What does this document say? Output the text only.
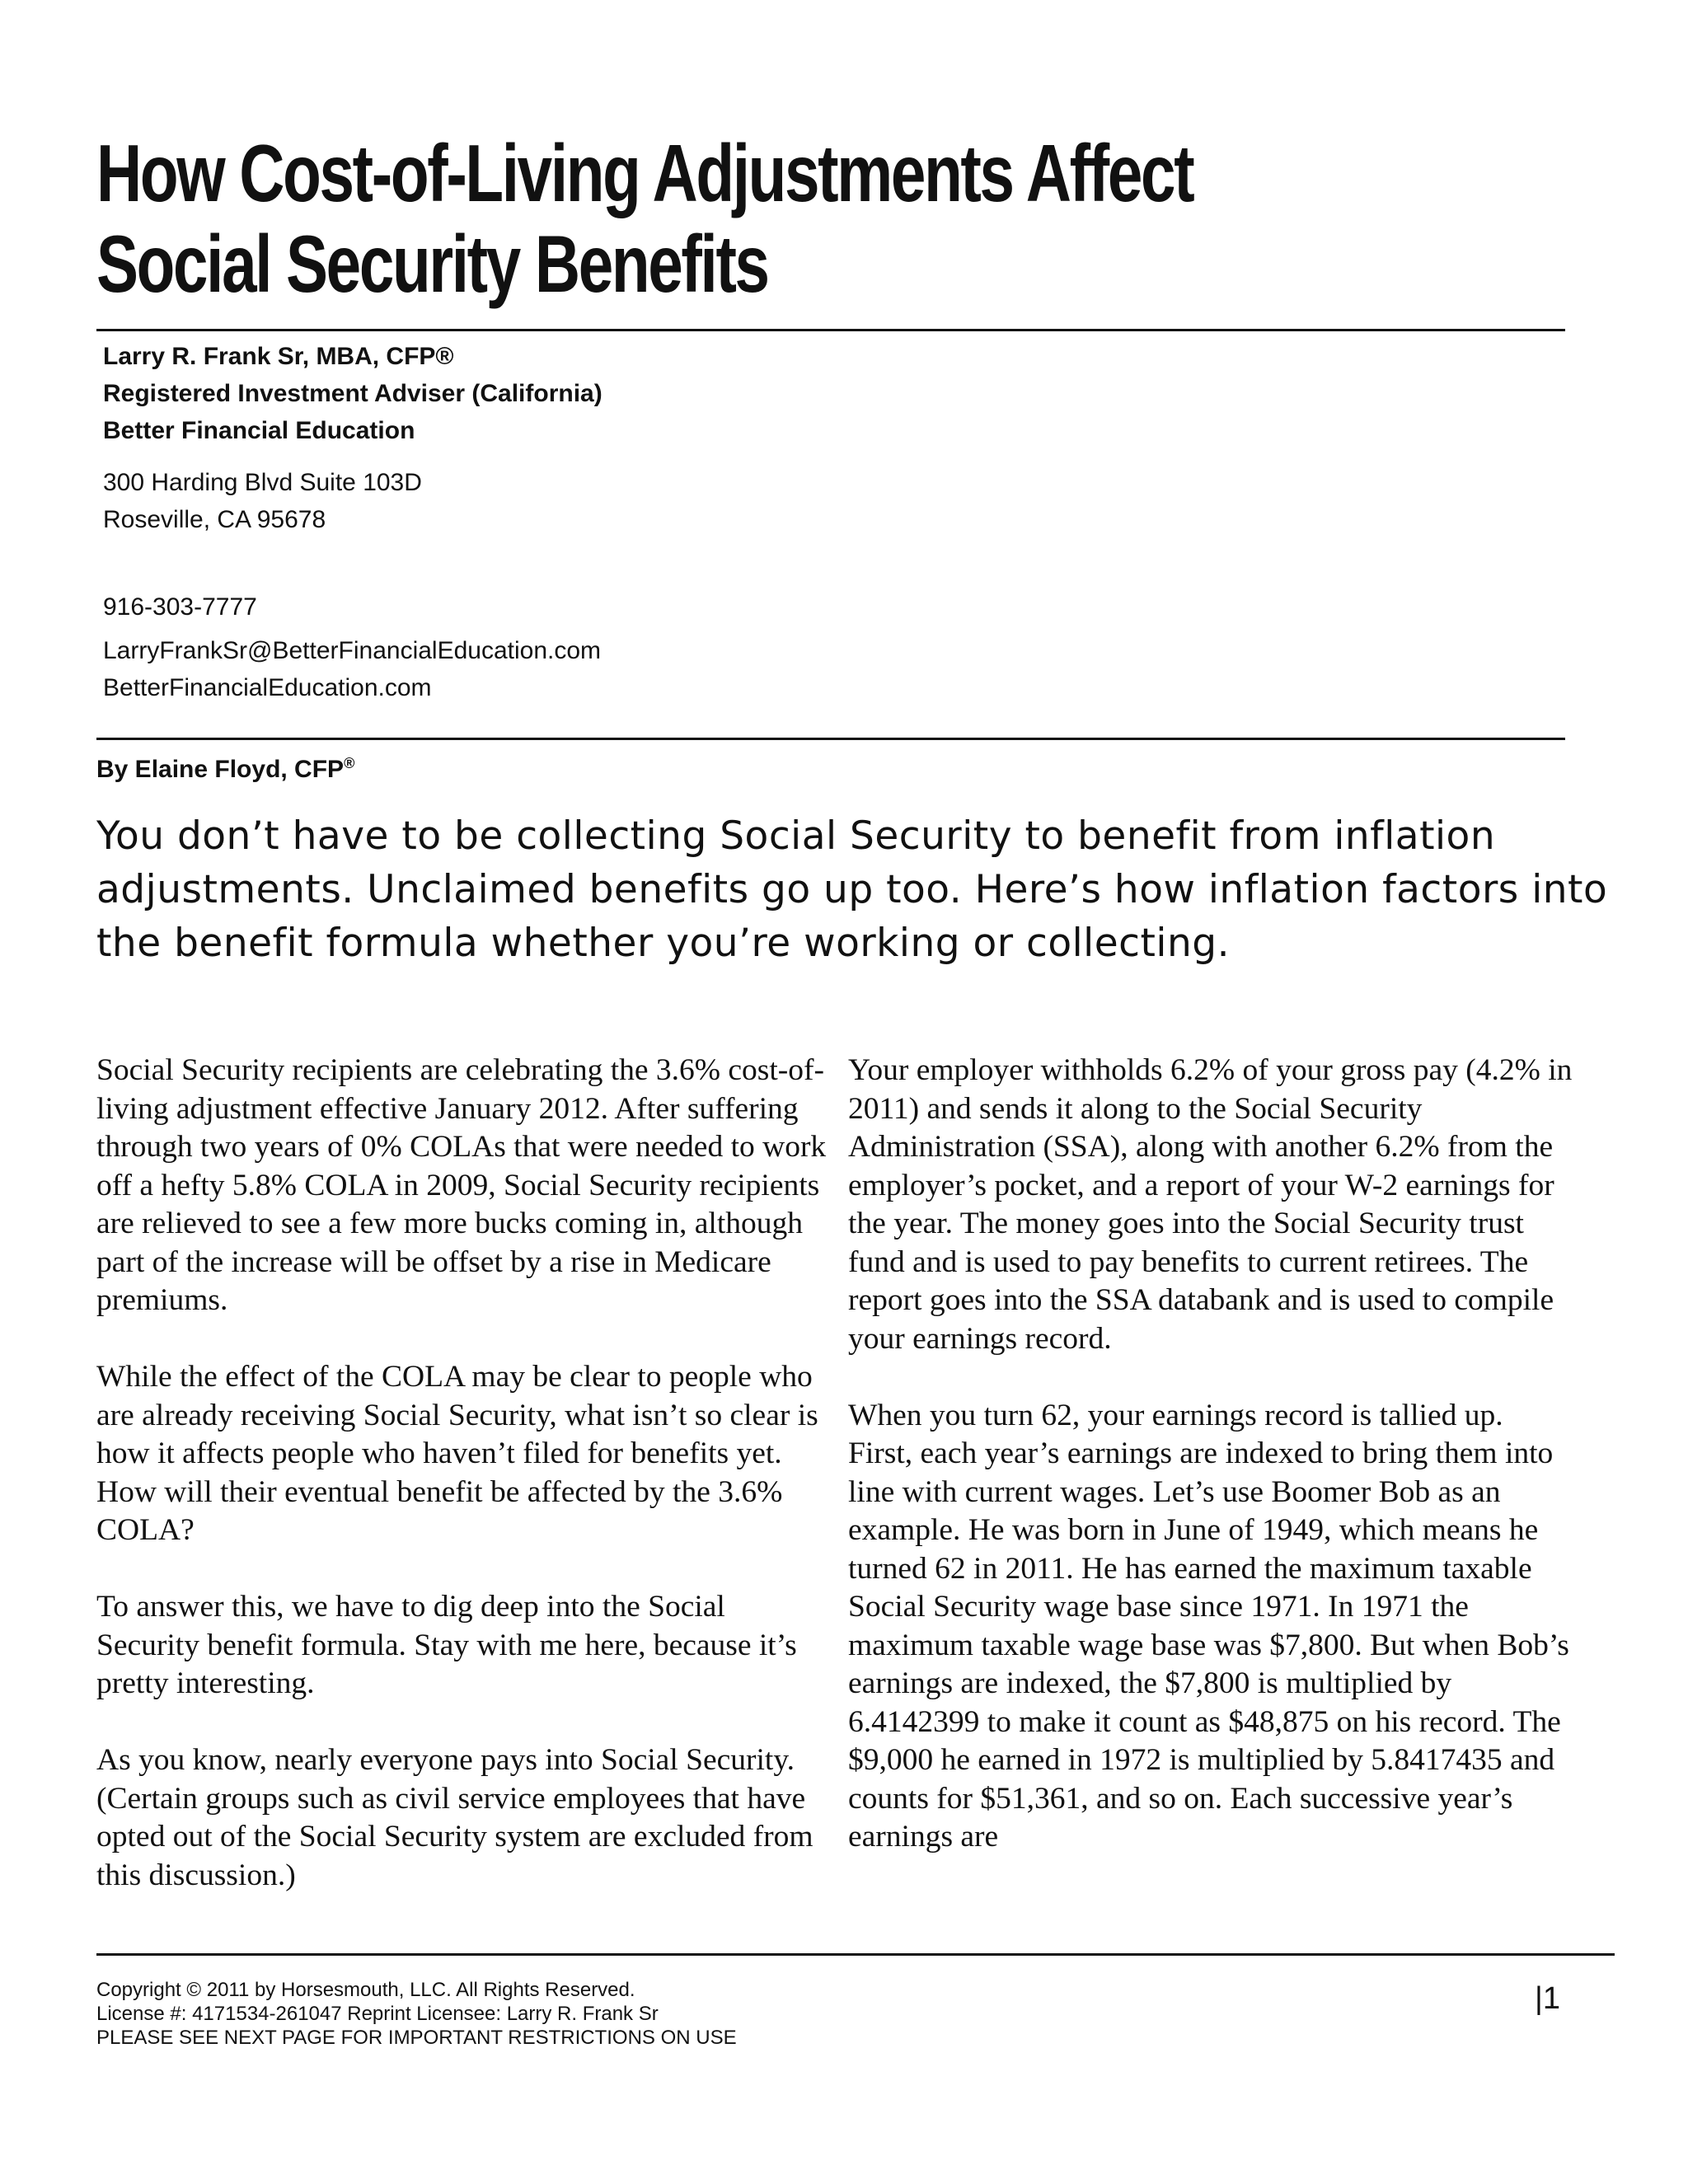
How Cost-of-Living Adjustments Affect Social Security Benefits
Larry R. Frank Sr, MBA, CFP®
Registered Investment Adviser (California)
Better Financial Education
300 Harding Blvd Suite 103D
Roseville, CA 95678
916-303-7777
LarryFrankSr@BetterFinancialEducation.com
BetterFinancialEducation.com
By Elaine Floyd, CFP®

You don’t have to be collecting Social Security to benefit from inflation adjustments. Unclaimed benefits go up too. Here’s how inflation factors into the benefit formula whether you’re working or collecting.

Social Security recipients are celebrating the 3.6% cost-of-living adjustment effective January 2012. After suffering through two years of 0% COLAs that were needed to work off a hefty 5.8% COLA in 2009, Social Security recipients are relieved to see a few more bucks coming in, although part of the increase will be offset by a rise in Medicare premiums.

While the effect of the COLA may be clear to people who are already receiving Social Security, what isn’t so clear is how it affects people who haven’t filed for benefits yet. How will their eventual benefit be affected by the 3.6% COLA?

To answer this, we have to dig deep into the Social Security benefit formula. Stay with me here, because it’s pretty interesting.

As you know, nearly everyone pays into Social Security. (Certain groups such as civil service employees that have opted out of the Social Security system are excluded from this discussion.)

Your employer withholds 6.2% of your gross pay (4.2% in 2011) and sends it along to the Social Security Administration (SSA), along with another 6.2% from the employer’s pocket, and a report of your W-2 earnings for the year. The money goes into the Social Security trust fund and is used to pay benefits to current retirees. The report goes into the SSA databank and is used to compile your earnings record.

When you turn 62, your earnings record is tallied up. First, each year’s earnings are indexed to bring them into line with current wages. Let’s use Boomer Bob as an example. He was born in June of 1949, which means he turned 62 in 2011. He has earned the maximum taxable Social Security wage base since 1971. In 1971 the maximum taxable wage base was $7,800. But when Bob’s earnings are indexed, the $7,800 is multiplied by 6.4142399 to make it count as $48,875 on his record. The $9,000 he earned in 1972 is multiplied by 5.8417435 and counts for $51,361, and so on. Each successive year’s earnings are

Copyright © 2011 by Horsesmouth, LLC. All Rights Reserved.
License #: 4171534-261047 Reprint Licensee: Larry R. Frank Sr
PLEASE SEE NEXT PAGE FOR IMPORTANT RESTRICTIONS ON USE
|1
